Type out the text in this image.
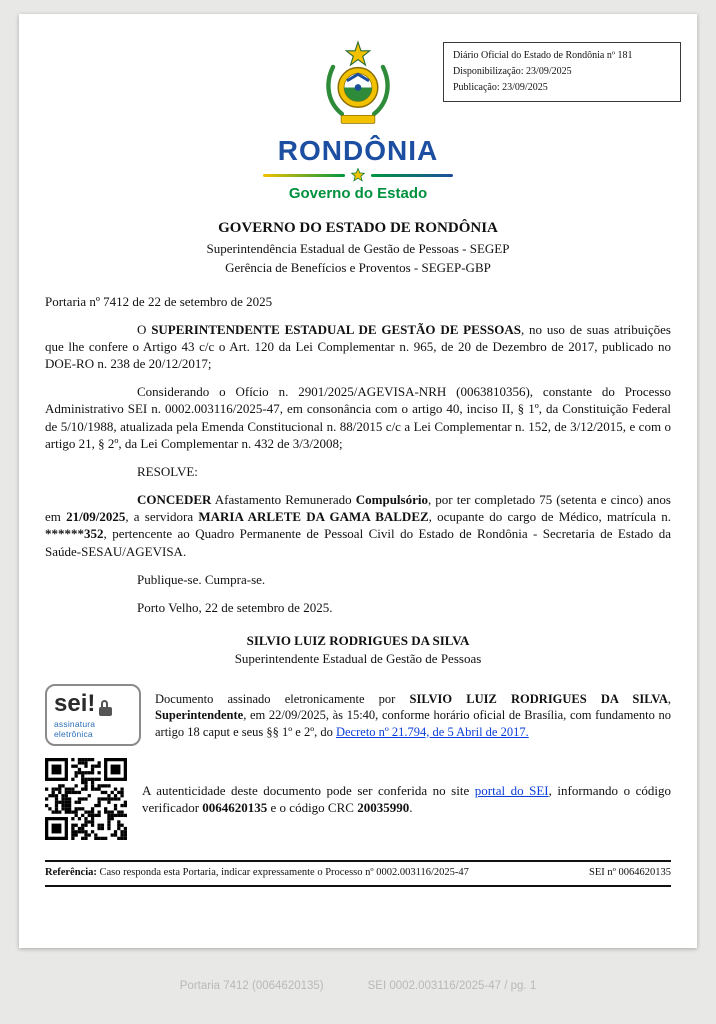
Diário Oficial do Estado de Rondônia nº 181
Disponibilização: 23/09/2025
Publicação: 23/09/2025
RONDÔNIA
Governo do Estado
GOVERNO DO ESTADO DE RONDÔNIA
Superintendência Estadual de Gestão de Pessoas - SEGEP
Gerência de Benefícios e Proventos - SEGEP-GBP

Portaria nº 7412 de 22 de setembro de 2025

O SUPERINTENDENTE ESTADUAL DE GESTÃO DE PESSOAS, no uso de suas atribuições que lhe confere o Artigo 43 c/c o Art. 120 da Lei Complementar n. 965, de 20 de Dezembro de 2017, publicado no DOE-RO n. 238 de 20/12/2017;

Considerando o Ofício n. 2901/2025/AGEVISA-NRH (0063810356), constante do Processo Administrativo SEI n. 0002.003116/2025-47, em consonância com o artigo 40, inciso II, § 1º, da Constituição Federal de 5/10/1988, atualizada pela Emenda Constitucional n. 88/2015 c/c a Lei Complementar n. 152, de 3/12/2015, e com o artigo 21, § 2º, da Lei Complementar n. 432 de 3/3/2008;

RESOLVE:

CONCEDER Afastamento Remunerado Compulsório, por ter completado 75 (setenta e cinco) anos em 21/09/2025, a servidora MARIA ARLETE DA GAMA BALDEZ, ocupante do cargo de Médico, matrícula n. ******352, pertencente ao Quadro Permanente de Pessoal Civil do Estado de Rondônia - Secretaria de Estado da Saúde-SESAU/AGEVISA.

Publique-se. Cumpra-se.

Porto Velho, 22 de setembro de 2025.

SILVIO LUIZ RODRIGUES DA SILVA
Superintendente Estadual de Gestão de Pessoas
sei!
assinatura eletrônica

Documento assinado eletronicamente por SILVIO LUIZ RODRIGUES DA SILVA, Superintendente, em 22/09/2025, às 15:40, conforme horário oficial de Brasília, com fundamento no artigo 18 caput e seus §§ 1º e 2º, do Decreto nº 21.794, de 5 Abril de 2017.

A autenticidade deste documento pode ser conferida no site portal do SEI, informando o código verificador 0064620135 e o código CRC 20035990.

Referência: Caso responda esta Portaria, indicar expressamente o Processo nº 0002.003116/2025-47	SEI nº 0064620135
Portaria 7412 (0064620135)	SEI 0002.003116/2025-47 / pg. 1
